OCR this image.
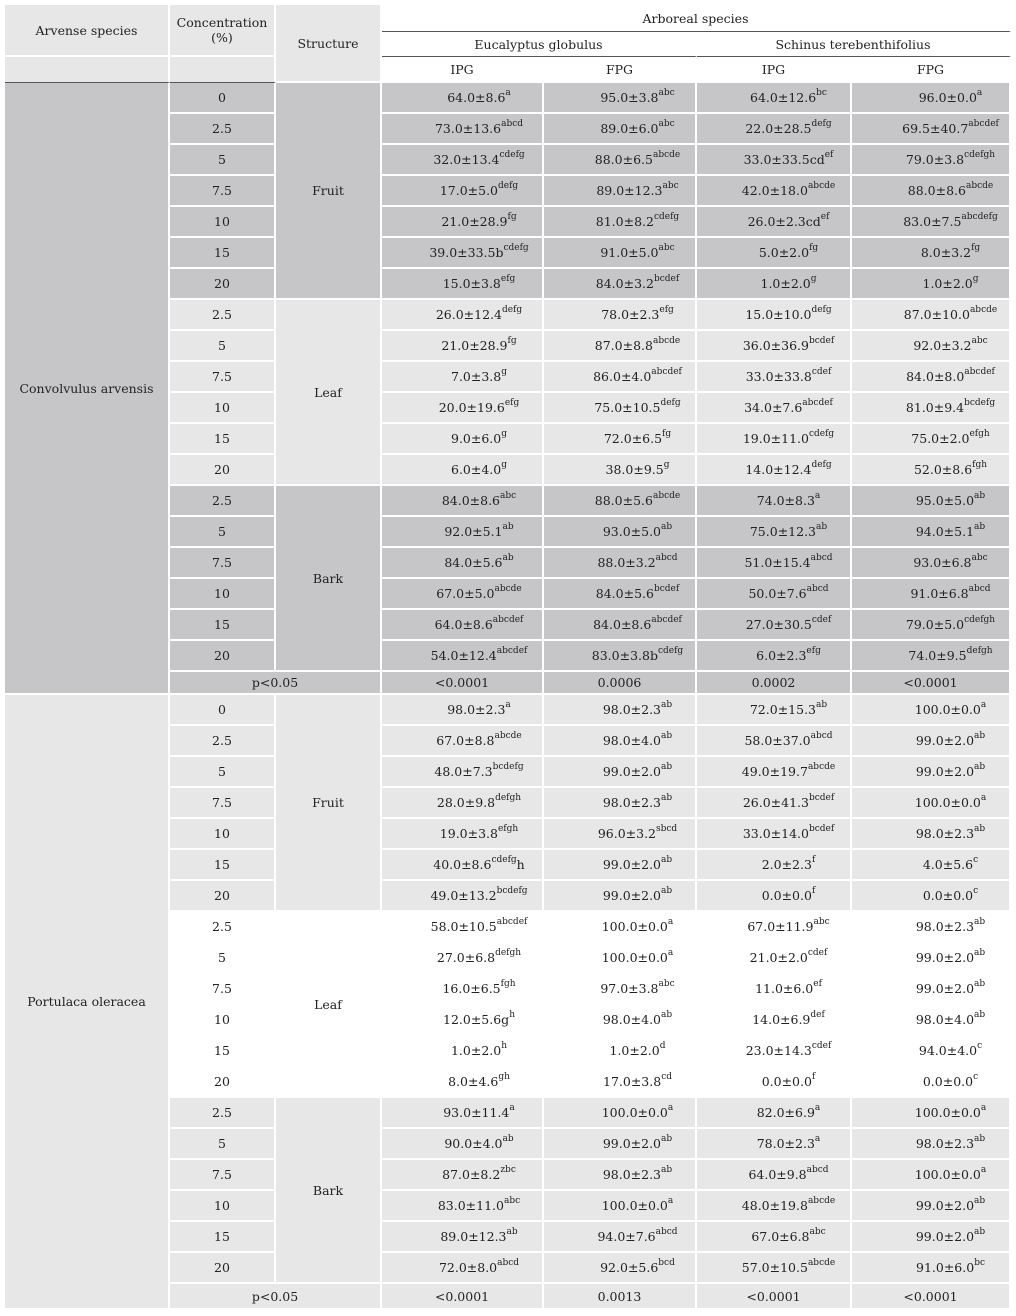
Arvense species	Concentration (%)	Structure	Arboreal species			
			Eucalyptus globulus		Schinus terebenthifolius	
			IPG	FPG	IPG	FPG
Convolvulus arvensis	0	Fruit	64.0±8.6$^a$	95.0±3.8$^{abc}$	64.0±12.6$^{bc}$	96.0±0.0$^a$
	2.5		$73.0\pm 13.6^{abcd}$	89.0±6.0$^{abc}$	$22.0\pm 28.5^{defg}$	$69.5\pm 40.7^{abcdef}$
	5		$32.0\pm 13.4^{cdefg}$	$88.0\pm 6.5^{abcde}$	$33.0\pm 33.5cd^{ef}$	$79.0\pm 3.8^{cdefgh}$
	7.5		$17.0\pm 5.0^{defg}$	89.0±12.3$^{abc}$	$42.0\pm 18.0^{abcde}$	$88.0\pm 8.6^{abcde}$
	10		21.0±28.9$^{fg}$	$81.0\pm 8.2^{cdefg}$	$26.0\pm 2.3cd^{ef}$	$83.0\pm 7.5^{abcdefg}$
	15		$39.0\pm 33.5b^{cdefg}$	91.0±5.0$^{abc}$	5.0±2.0$^{fg}$	8.0±3.2$^{fg}$
	20		15.0±3.8$^{efg}$	$84.0\pm 3.2^{bcdef}$	1.0±2.0$^g$	1.0±2.0$^g$
	2.5	Leaf	$26.0\pm 12.4^{defg}$	78.0±2.3$^{efg}$	$15.0\pm 10.0^{defg}$	$87.0\pm 10.0^{abcde}$
	5		21.0±28.9$^{fg}$	$87.0\pm 8.8^{abcde}$	$36.0\pm 36.9^{bcdef}$	92.0±3.2$^{abc}$
	7.5		7.0±3.8$^g$	$86.0\pm 4.0^{abcdef}$	$33.0\pm 33.8^{cdef}$	$84.0\pm 8.0^{abcdef}$
	10		20.0±19.6$^{efg}$	$75.0\pm 10.5^{defg}$	$34.0\pm 7.6^{abcdef}$	$81.0\pm 9.4^{bcdefg}$
	15		9.0±6.0$^g$	72.0±6.5$^{fg}$	$19.0\pm 11.0^{cdefg}$	$75.0\pm 2.0^{efgh}$
	20		6.0±4.0$^g$	38.0±9.5$^g$	$14.0\pm 12.4^{defg}$	52.0±8.6$^{fgh}$
	2.5	Bark	84.0±8.6$^{abc}$	$88.0\pm 5.6^{abcde}$	74.0±8.3$^a$	95.0±5.0$^{ab}$
	5		92.0±5.1$^{ab}$	93.0±5.0$^{ab}$	75.0±12.3$^{ab}$	94.0±5.1$^{ab}$
	7.5		84.0±5.6$^{ab}$	$88.0\pm 3.2^{abcd}$	$51.0\pm 15.4^{abcd}$	93.0±6.8$^{abc}$
	10		$67.0\pm 5.0^{abcde}$	$84.0\pm 5.6^{bcdef}$	$50.0\pm 7.6^{abcd}$	$91.0\pm 6.8^{abcd}$
	15		$64.0\pm 8.6^{abcdef}$	$84.0\pm 8.6^{abcdef}$	$27.0\pm 30.5^{cdef}$	$79.0\pm 5.0^{cdefgh}$
	20		$54.0\pm 12.4^{abcdef}$	$83.0\pm 3.8b^{cdefg}$	6.0±2.3$^{efg}$	$74.0\pm 9.5^{defgh}$
	p<0.05		<0.0001	0.0006	0.0002	<0.0001
Portulaca oleracea	0	Fruit	98.0±2.3$^a$	98.0±2.3$^{ab}$	72.0±15.3$^{ab}$	100.0±0.0$^a$
	2.5		$67.0\pm 8.8^{abcde}$	98.0±4.0$^{ab}$	$58.0\pm 37.0^{abcd}$	99.0±2.0$^{ab}$
	5		$48.0\pm 7.3^{bcdefg}$	99.0±2.0$^{ab}$	$49.0\pm 19.7^{abcde}$	99.0±2.0$^{ab}$
	7.5		$28.0\pm 9.8^{defgh}$	98.0±2.3$^{ab}$	$26.0\pm 41.3^{bcdef}$	100.0±0.0$^a$
	10		$19.0\pm 3.8^{efgh}$	$96.0\pm 3.2^{sbcd}$	$33.0\pm 14.0^{bcdef}$	98.0±2.3$^{ab}$
	15		$40.0\pm 8.6^{cdefg}h$	99.0±2.0$^{ab}$	2.0±2.3$^f$	4.0±5.6$^c$
	20		$49.0\pm 13.2^{bcdefg}$	99.0±2.0$^{ab}$	0.0±0.0$^f$	0.0±0.0$^c$
	2.5	Leaf	$58.0\pm 10.5^{abcdef}$	100.0±0.0$^a$	67.0±11.9$^{abc}$	98.0±2.3$^{ab}$
	5		$27.0\pm 6.8^{defgh}$	100.0±0.0$^a$	$21.0\pm 2.0^{cdef}$	99.0±2.0$^{ab}$
	7.5		16.0±6.5$^{fgh}$	97.0±3.8$^{abc}$	11.0±6.0$^{ef}$	99.0±2.0$^{ab}$
	10		$12.0\pm 5.6g^h$	98.0±4.0$^{ab}$	14.0±6.9$^{def}$	98.0±4.0$^{ab}$
	15		1.0±2.0$^h$	1.0±2.0$^d$	$23.0\pm 14.3^{cdef}$	94.0±4.0$^c$
	20		8.0±4.6$^{gh}$	17.0±3.8$^{cd}$	0.0±0.0$^f$	0.0±0.0$^c$
	2.5	Bark	93.0±11.4$^a$	100.0±0.0$^a$	82.0±6.9$^a$	100.0±0.0$^a$
	5		90.0±4.0$^{ab}$	99.0±2.0$^{ab}$	78.0±2.3$^a$	98.0±2.3$^{ab}$
	7.5		$87.0\pm 8.2^{zbc}$	98.0±2.3$^{ab}$	$64.0\pm 9.8^{abcd}$	100.0±0.0$^a$
	10		83.0±11.0$^{abc}$	100.0±0.0$^a$	$48.0\pm 19.8^{abcde}$	99.0±2.0$^{ab}$
	15		89.0±12.3$^{ab}$	$94.0\pm 7.6^{abcd}$	67.0±6.8$^{abc}$	99.0±2.0$^{ab}$
	20		$72.0\pm 8.0^{abcd}$	92.0±5.6$^{bcd}$	$57.0\pm 10.5^{abcde}$	91.0±6.0$^{bc}$
	p<0.05		<0.0001	0.0013	<0.0001	<0.0001
